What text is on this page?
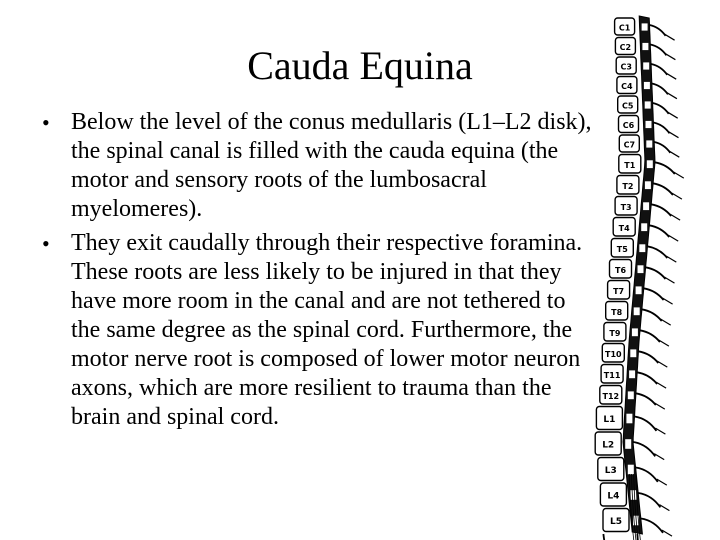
Cauda Equina
• Below the level of the conus medullaris (L1–L2 disk), the spinal canal is filled with the cauda equina (the motor and sensory roots of the lumbosacral myelomeres).
• They exit caudally through their respective foramina. These roots are less likely to be injured in that they have more room in the canal and are not tethered to the same degree as the spinal cord. Furthermore, the motor nerve root is composed of lower motor neuron axons, which are more resilient to trauma than the brain and spinal cord.
C1
C2
C3
C4
C5
C6
C7
T1
T2
T3
T4
T5
T6
T7
T8
T9
T10
T11
T12
L1
L2
L3
L4
L5
